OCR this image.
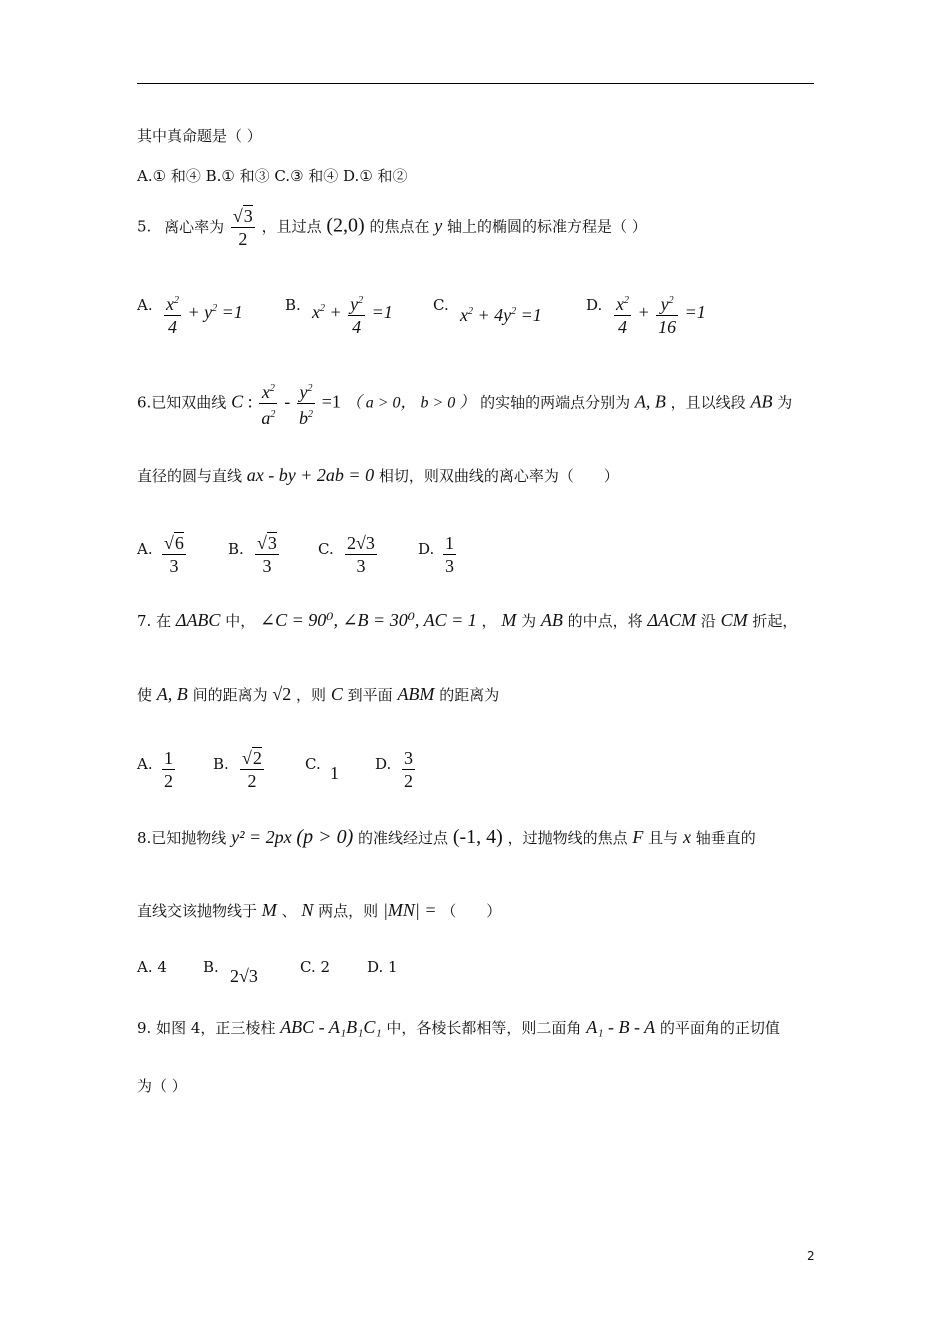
其中真命题是（ ）
A.① 和④ B.① 和③ C.③ 和④ D.① 和②
5. 离心率为 $\frac{√3}{2}$ ，且过点 (2,0) 的焦点在 y 轴上的椭圆的标准方程是（ ）
A. $\frac{x^2}{4} + y^2 =1$	B. $x^2 + \frac{y^2}{4} =1$	C. $x^2 + 4y^2 =1$	D. $\frac{x^2}{4} + \frac{y^2}{16} =1$
6.已知双曲线 C : $\frac{x^2}{a^2} - \frac{y^2}{b^2} =1$ （ a > 0， b > 0 ） 的实轴的两端点分别为 A, B ，且以线段 AB 为
直径的圆与直线 ax - by + 2ab = 0 相切，则双曲线的离心率为（　　）
A. $\frac{√6}{3}$	B. $\frac{√3}{3}$	C. $\frac{2√3}{3}$	D. $\frac{1}{3}$
7. 在 ΔABC 中， ∠C = 90⁰, ∠B = 30⁰, AC = 1 ， M 为 AB 的中点，将 ΔACM 沿 CM 折起，
使 A, B 间的距离为 √2 ，则 C 到平面 ABM 的距离为
A. $\frac{1}{2}$	B. $\frac{√2}{2}$	C. 1 D. $\frac{3}{2}$
8.已知抛物线 y² = 2px (p > 0) 的准线经过点 (-1, 4) ，过抛物线的焦点 F 且与 x 轴垂直的
直线交该抛物线于 M 、 N 两点，则 |MN| = （　　）
A. 4 B. 2√3	C. 2 D. 1
9. 如图 4，正三棱柱 ABC - A₁B₁C₁ 中，各棱长都相等，则二面角 A₁ - B - A 的平面角的正切值
为（ ）
2
